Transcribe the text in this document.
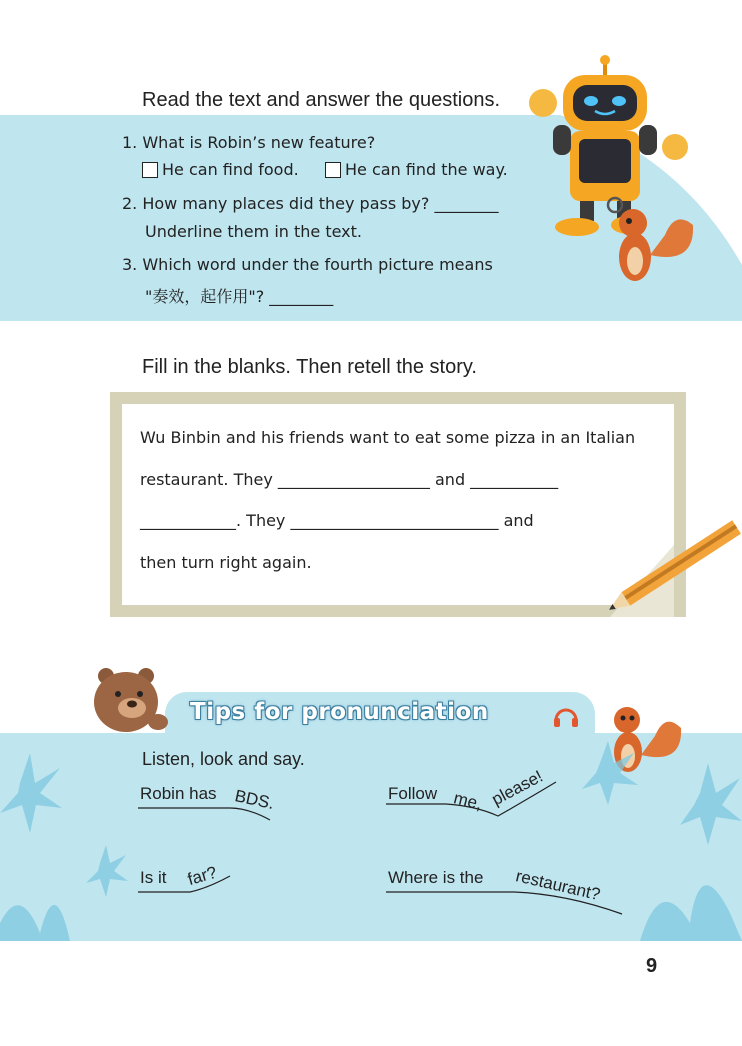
Read the text and answer the questions.
1. What is Robin’s new feature?
He can find food.	He can find the way.
2. How many places did they pass by? ________
Underline them in the text.
3. Which word under the fourth picture means
"奏效，起作用"? ________
Fill in the blanks. Then retell the story.
Wu Binbin and his friends want to eat some pizza in an Italian
restaurant. They ___________________ and ___________
____________. They __________________________ and
then turn right again.
Tips for pronunciation
Listen, look and say.
Robin has BDS.	Follow me, please!
Is it far?	Where is the restaurant?
9
